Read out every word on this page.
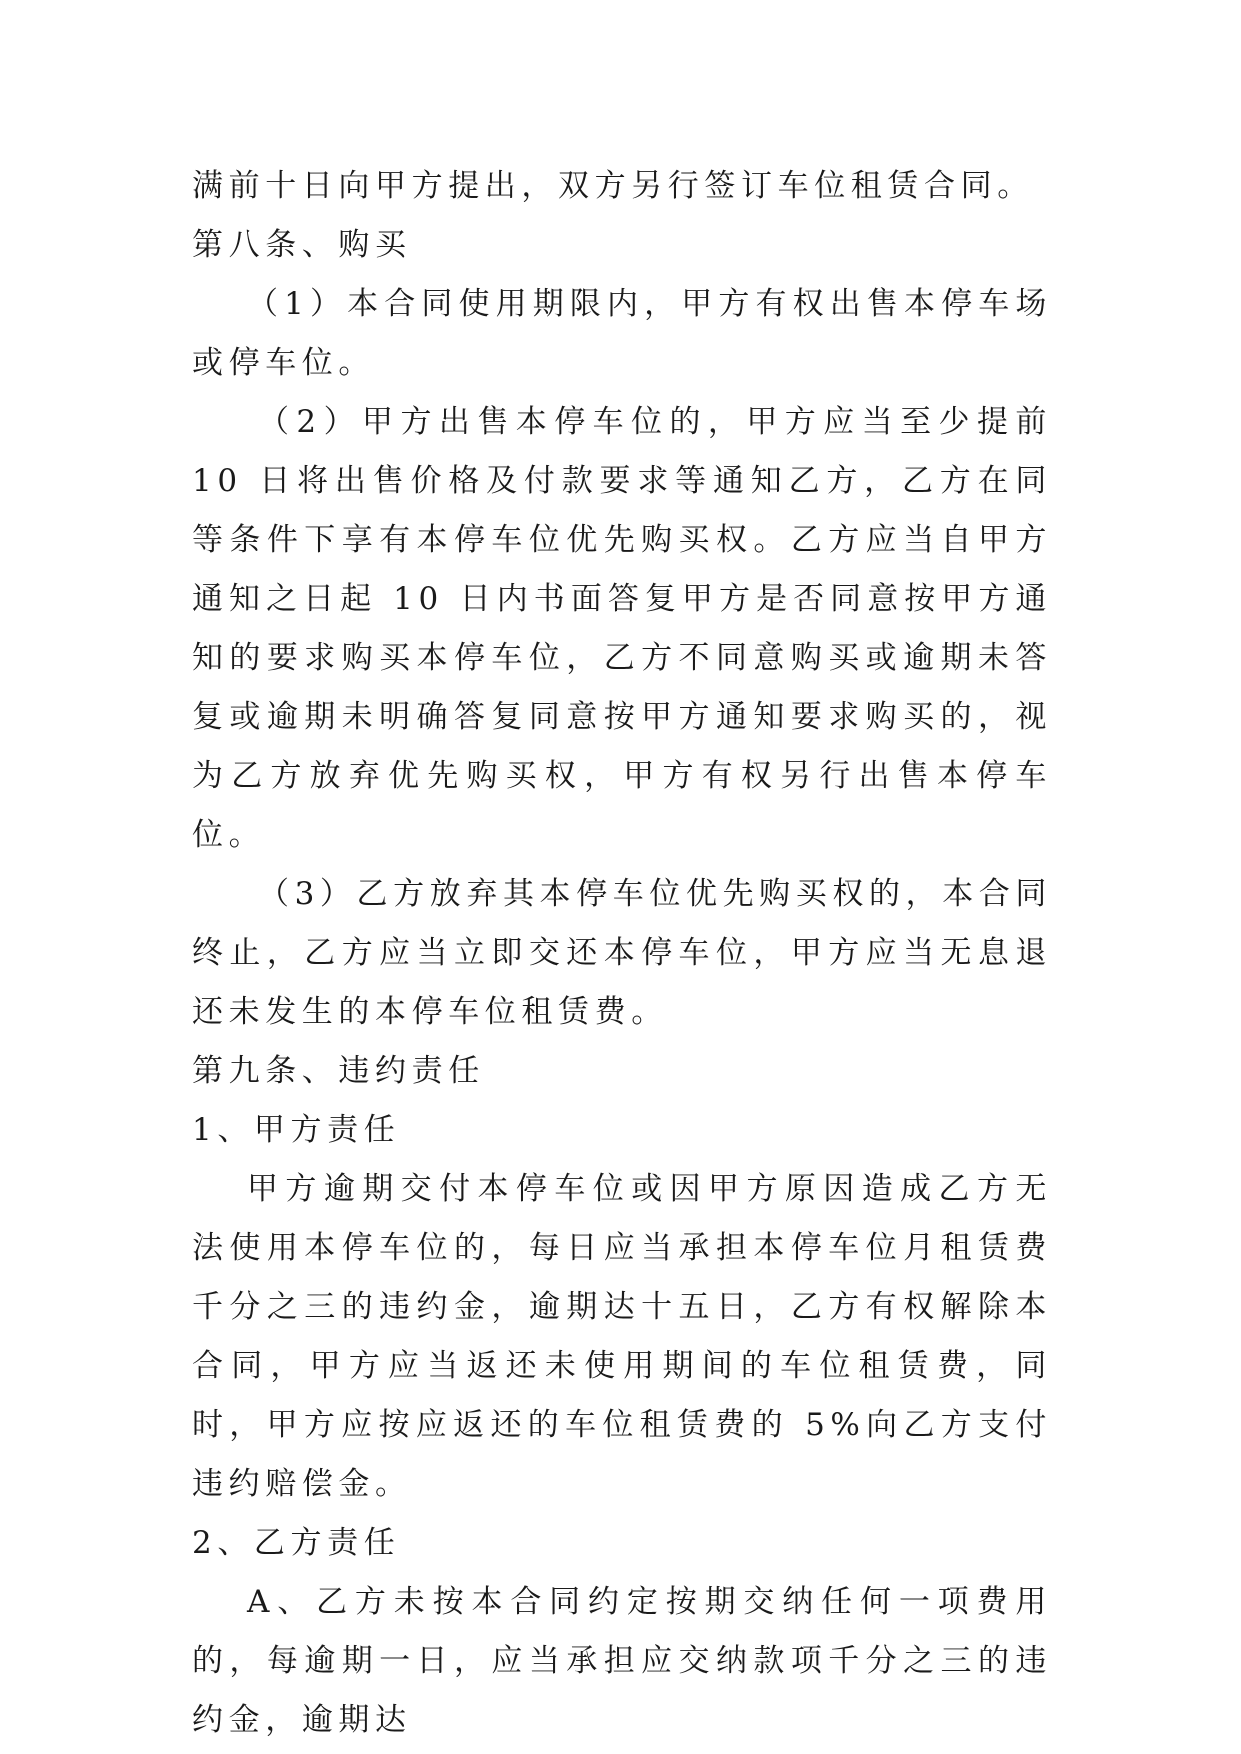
满前十日向甲方提出，双方另行签订车位租赁合同。

第八条、购买

（1）本合同使用期限内，甲方有权出售本停车场或停车位。

（2）甲方出售本停车位的，甲方应当至少提前 10 日将出售价格及付款要求等通知乙方，乙方在同等条件下享有本停车位优先购买权。乙方应当自甲方通知之日起 10 日内书面答复甲方是否同意按甲方通知的要求购买本停车位，乙方不同意购买或逾期未答复或逾期未明确答复同意按甲方通知要求购买的，视为乙方放弃优先购买权，甲方有权另行出售本停车位。

（3）乙方放弃其本停车位优先购买权的，本合同终止，乙方应当立即交还本停车位，甲方应当无息退还未发生的本停车位租赁费。

第九条、违约责任

1、甲方责任

甲方逾期交付本停车位或因甲方原因造成乙方无法使用本停车位的，每日应当承担本停车位月租赁费千分之三的违约金，逾期达十五日，乙方有权解除本合同，甲方应当返还未使用期间的车位租赁费，同时，甲方应按应返还的车位租赁费的 5%向乙方支付违约赔偿金。

2、乙方责任

A、乙方未按本合同约定按期交纳任何一项费用的，每逾期一日，应当承担应交纳款项千分之三的违约金，逾期达
